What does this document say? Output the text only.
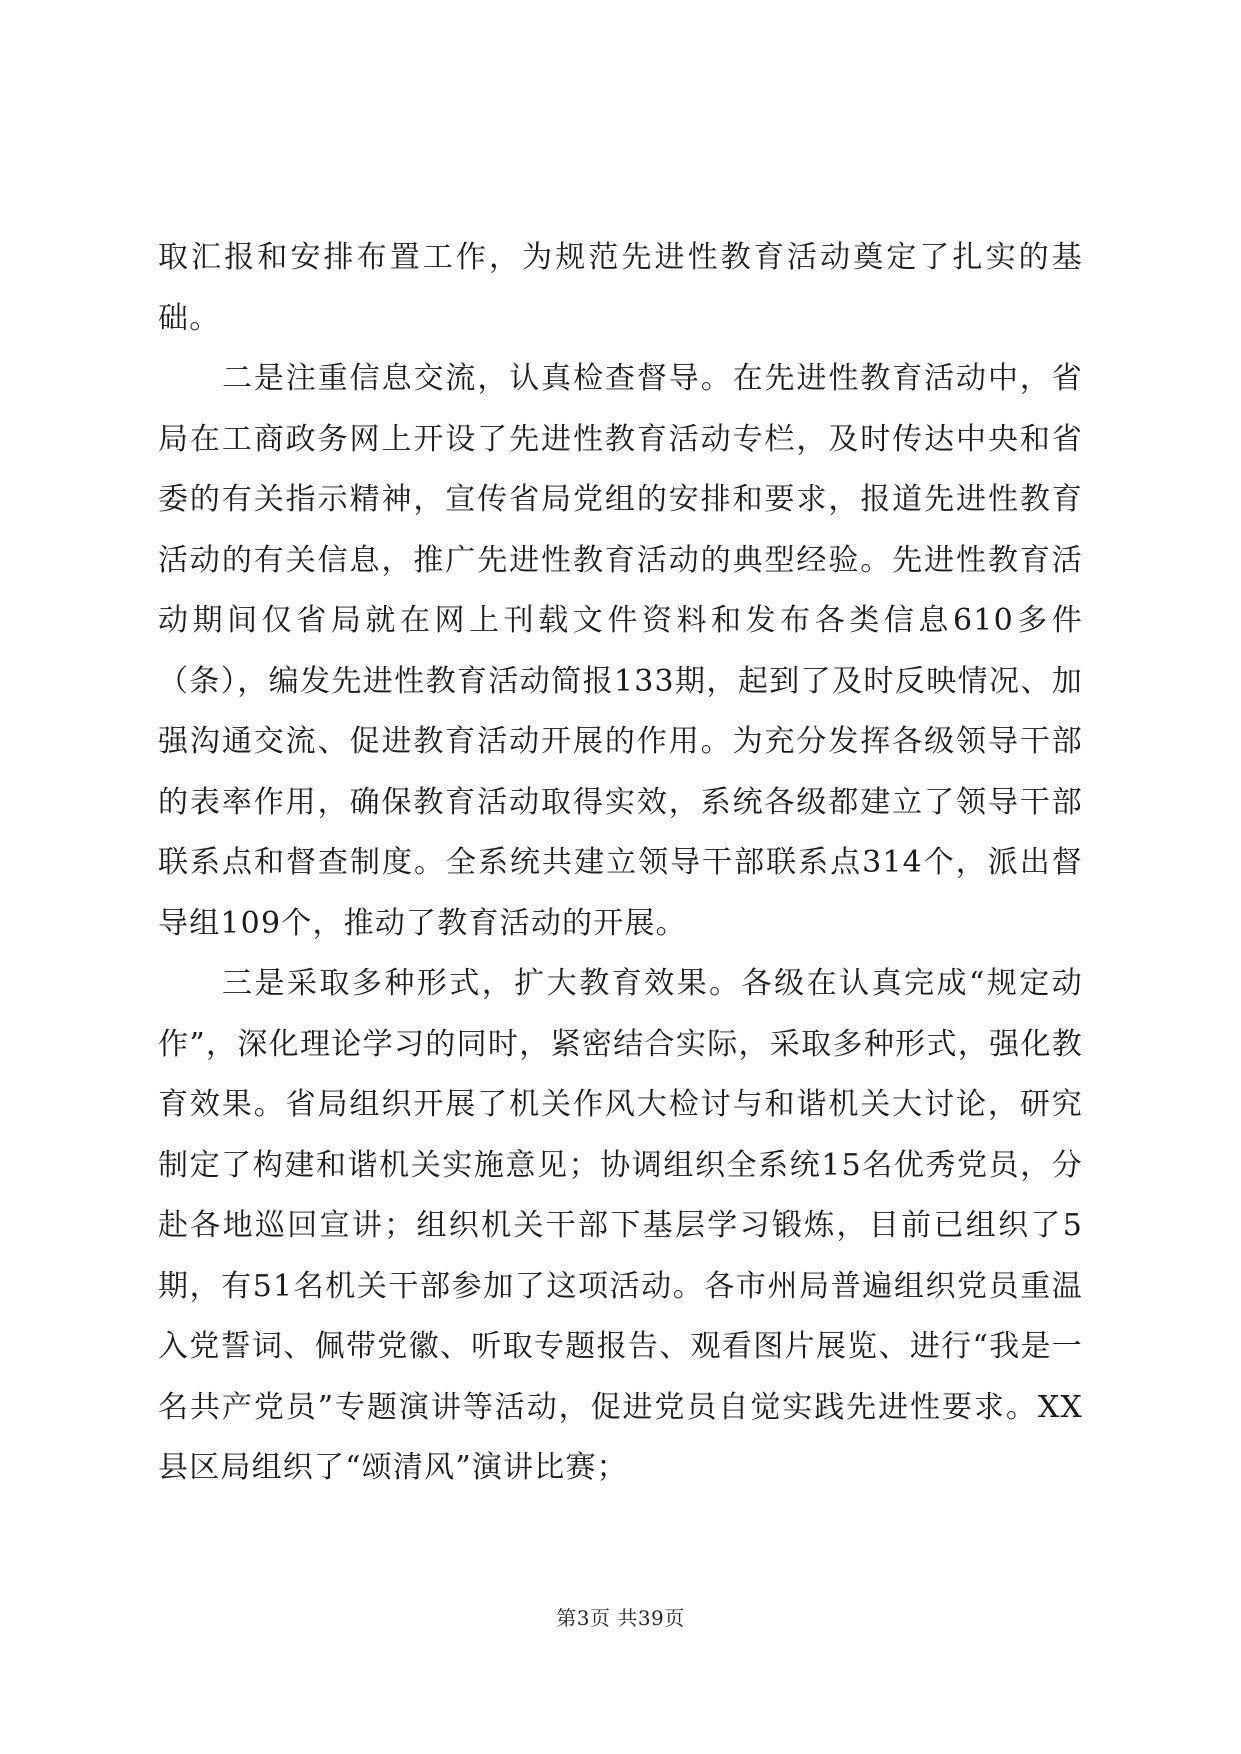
取汇报和安排布置工作，为规范先进性教育活动奠定了扎实的基础。

二是注重信息交流，认真检查督导。在先进性教育活动中，省局在工商政务网上开设了先进性教育活动专栏，及时传达中央和省委的有关指示精神，宣传省局党组的安排和要求，报道先进性教育活动的有关信息，推广先进性教育活动的典型经验。先进性教育活动期间仅省局就在网上刊载文件资料和发布各类信息610多件（条），编发先进性教育活动简报133期，起到了及时反映情况、加强沟通交流、促进教育活动开展的作用。为充分发挥各级领导干部的表率作用，确保教育活动取得实效，系统各级都建立了领导干部联系点和督查制度。全系统共建立领导干部联系点314个，派出督导组109个，推动了教育活动的开展。

三是采取多种形式，扩大教育效果。各级在认真完成“规定动作”，深化理论学习的同时，紧密结合实际，采取多种形式，强化教育效果。省局组织开展了机关作风大检讨与和谐机关大讨论，研究制定了构建和谐机关实施意见；协调组织全系统15名优秀党员，分赴各地巡回宣讲；组织机关干部下基层学习锻炼，目前已组织了5期，有51名机关干部参加了这项活动。各市州局普遍组织党员重温入党誓词、佩带党徽、听取专题报告、观看图片展览、进行“我是一名共产党员”专题演讲等活动，促进党员自觉实践先进性要求。XX县区局组织了“颂清风”演讲比赛；

第3页 共39页
